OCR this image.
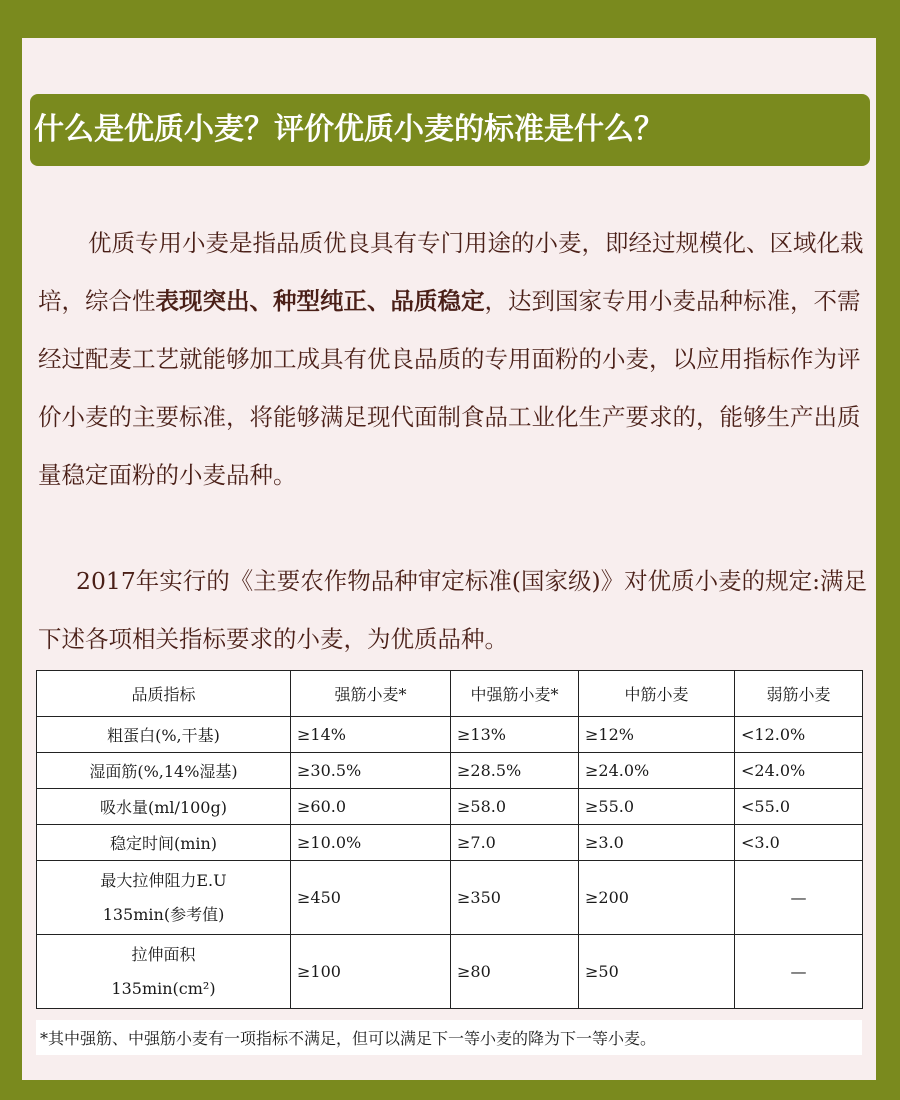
什么是优质小麦？评价优质小麦的标准是什么？
优质专用小麦是指品质优良具有专门用途的小麦，即经过规模化、区域化栽培，综合性表现突出、种型纯正、品质稳定，达到国家专用小麦品种标准，不需经过配麦工艺就能够加工成具有优良品质的专用面粉的小麦，以应用指标作为评价小麦的主要标准，将能够满足现代面制食品工业化生产要求的，能够生产出质量稳定面粉的小麦品种。
2017年实行的《主要农作物品种审定标准(国家级)》对优质小麦的规定:满足下述各项相关指标要求的小麦，为优质品种。
品质指标	强筋小麦*	中强筋小麦*	中筋小麦	弱筋小麦
粗蛋白(%,干基)	≥14%	≥13%	≥12%	<12.0%
湿面筋(%,14%湿基)	≥30.5%	≥28.5%	≥24.0%	<24.0%
吸水量(ml/100g)	≥60.0	≥58.0	≥55.0	<55.0
稳定时间(min)	≥10.0%	≥7.0	≥3.0	<3.0
最大拉伸阻力E.U
135min(参考值)	≥450	≥350	≥200	—
拉伸面积
135min(cm²)	≥100	≥80	≥50	—
*其中强筋、中强筋小麦有一项指标不满足，但可以满足下一等小麦的降为下一等小麦。
